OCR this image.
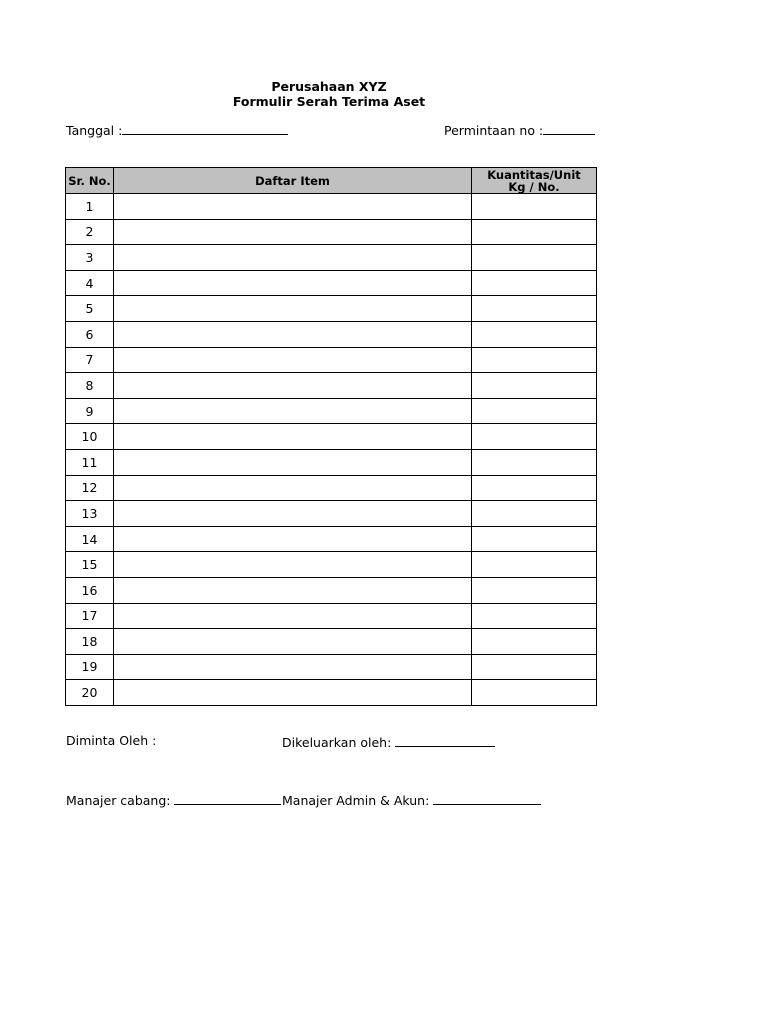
Perusahaan XYZ
Formulir Serah Terima Aset
Tanggal :	Permintaan no :
Sr. No.	Daftar Item	Kuantitas/Unit
Kg / No.
1		
2		
3		
4		
5		
6		
7		
8		
9		
10		
11		
12		
13		
14		
15		
16		
17		
18		
19		
20		
Diminta Oleh :	Dikeluarkan oleh:
Manajer cabang:	Manajer Admin & Akun:
